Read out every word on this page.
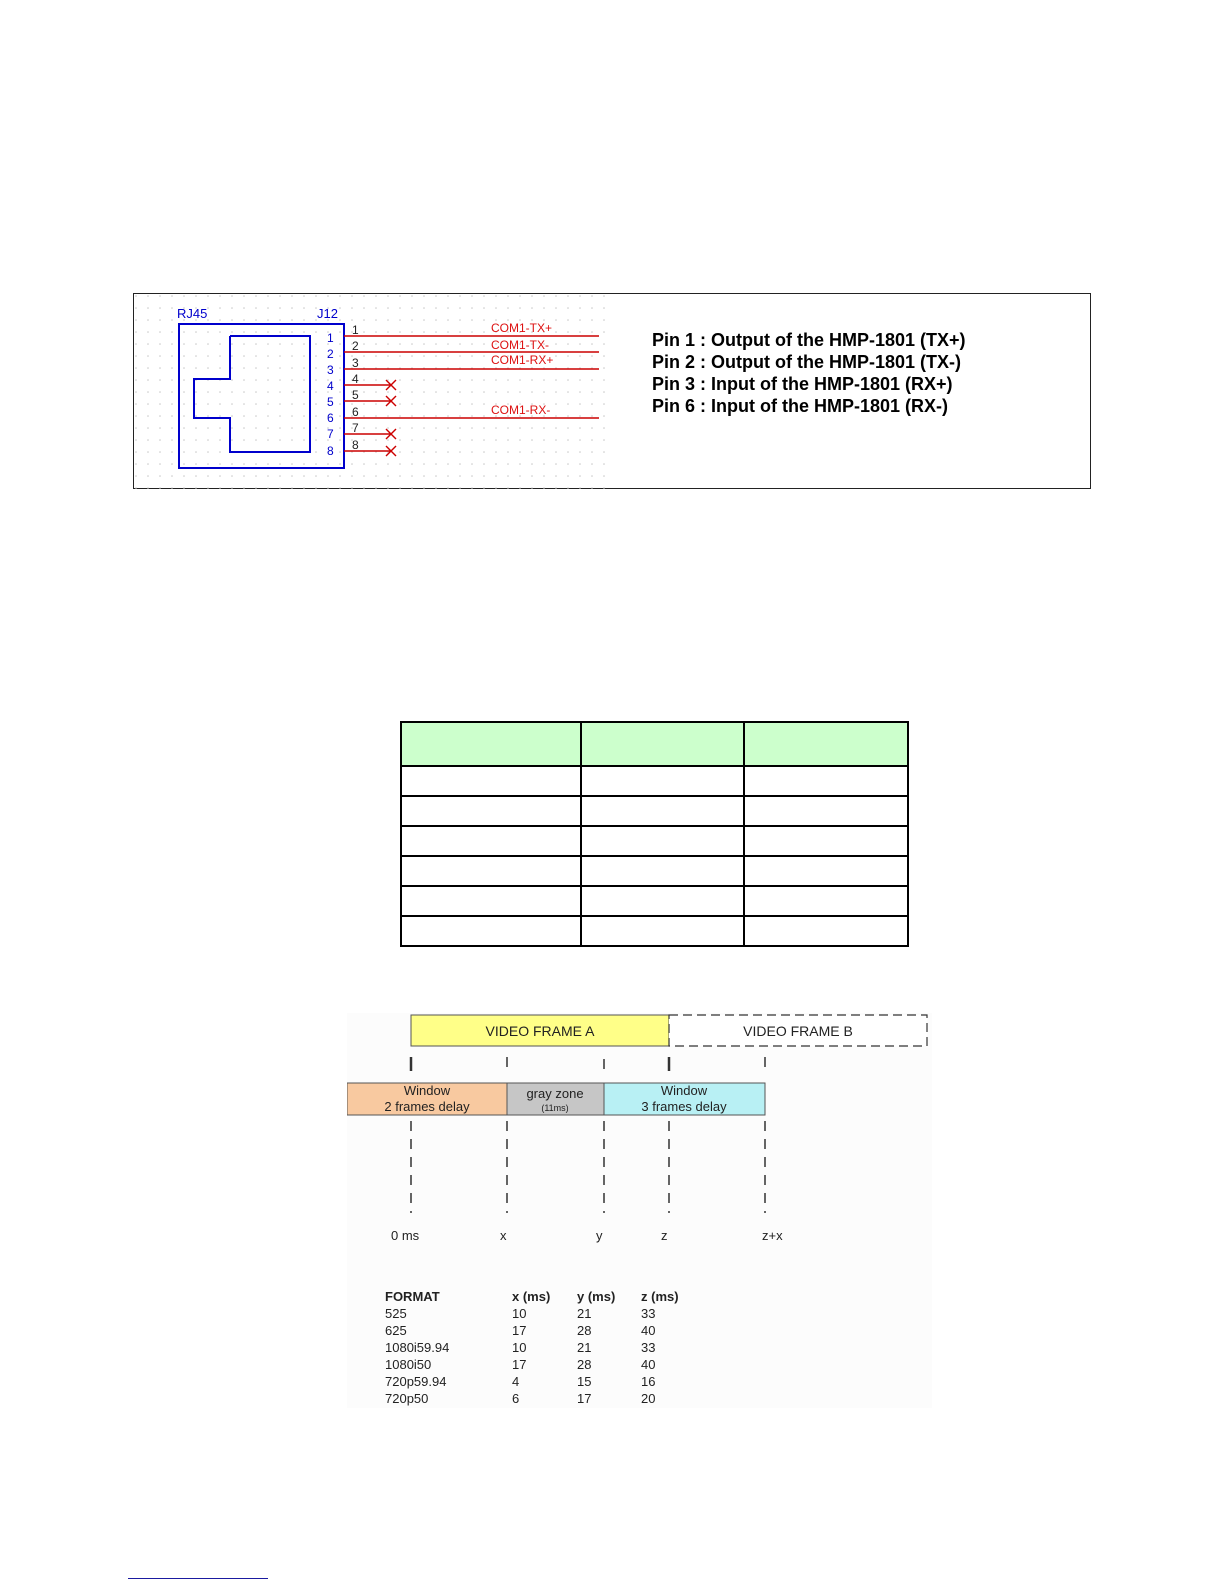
RJ45	J12
1
2
3
4
5
6
7
8
1
2
3
4
5
6
7
8
COM1-TX+
COM1-TX-
COM1-RX+
COM1-RX-
Pin 1 : Output of the HMP-1801 (TX+)
Pin 2 : Output of the HMP-1801 (TX-)
Pin 3 : Input of the HMP-1801 (RX+)
Pin 6 : Input of the HMP-1801 (RX-)

VIDEO FRAME A	VIDEO FRAME B
Window
2 frames delay
gray zone
(11ms)
Window
3 frames delay
0 ms	x	y	z	z+x
FORMAT	x (ms)	y (ms)	z (ms)
525	10	21	33
625	17	28	40
1080i59.94	10	21	33
1080i50	17	28	40
720p59.94	4	15	16
720p50	6	17	20
